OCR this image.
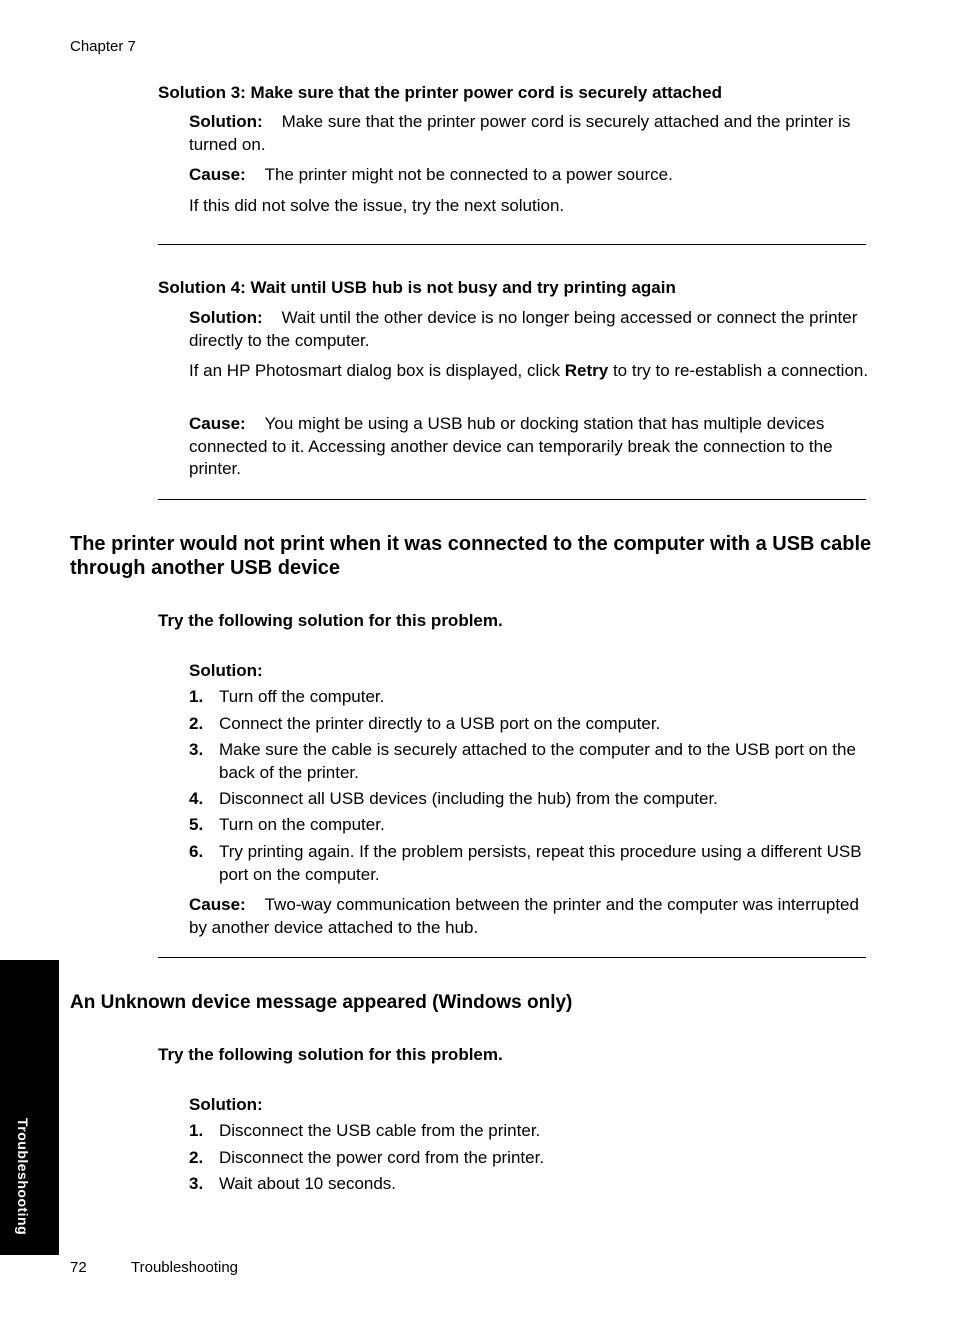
Chapter 7
Solution 3: Make sure that the printer power cord is securely attached
Solution: Make sure that the printer power cord is securely attached and the printer is turned on.
Cause: The printer might not be connected to a power source.
If this did not solve the issue, try the next solution.
Solution 4: Wait until USB hub is not busy and try printing again
Solution: Wait until the other device is no longer being accessed or connect the printer directly to the computer.
If an HP Photosmart dialog box is displayed, click Retry to try to re-establish a connection.
Cause: You might be using a USB hub or docking station that has multiple devices connected to it. Accessing another device can temporarily break the connection to the printer.
The printer would not print when it was connected to the computer with a USB cable through another USB device
Try the following solution for this problem.
Solution:
1. Turn off the computer.
2. Connect the printer directly to a USB port on the computer.
3. Make sure the cable is securely attached to the computer and to the USB port on the back of the printer.
4. Disconnect all USB devices (including the hub) from the computer.
5. Turn on the computer.
6. Try printing again. If the problem persists, repeat this procedure using a different USB port on the computer.
Cause: Two-way communication between the printer and the computer was interrupted by another device attached to the hub.
An Unknown device message appeared (Windows only)
Try the following solution for this problem.
Solution:
1. Disconnect the USB cable from the printer.
2. Disconnect the power cord from the printer.
3. Wait about 10 seconds.
Troubleshooting
72	Troubleshooting
